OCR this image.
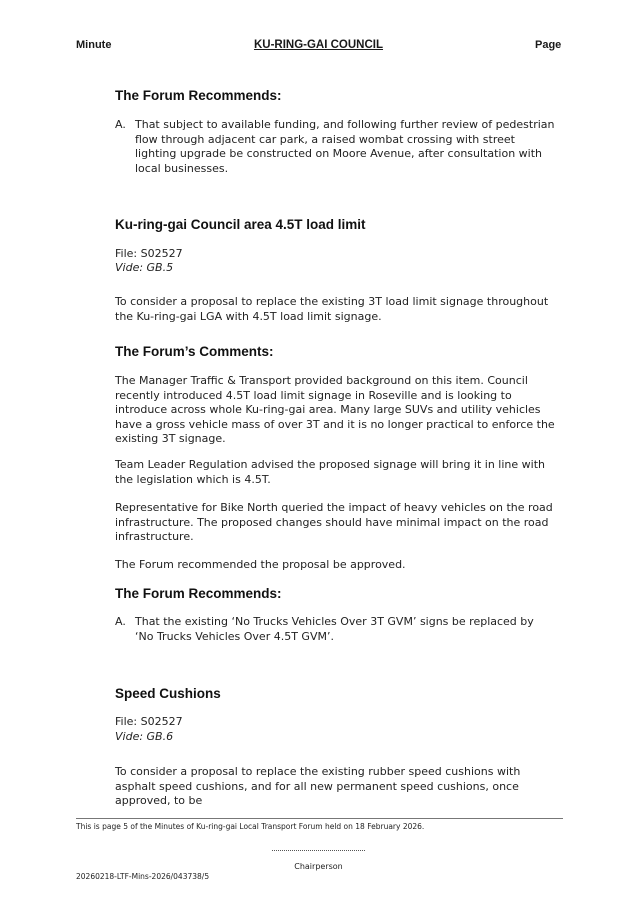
Minute	KU-RING-GAI COUNCIL	Page
The Forum Recommends:
A. That subject to available funding, and following further review of pedestrian flow through adjacent car park, a raised wombat crossing with street lighting upgrade be constructed on Moore Avenue, after consultation with local businesses.
Ku-ring-gai Council area 4.5T load limit
File: S02527
Vide: GB.5
To consider a proposal to replace the existing 3T load limit signage throughout the Ku-ring-gai LGA with 4.5T load limit signage.
The Forum’s Comments:
The Manager Traffic & Transport provided background on this item. Council recently introduced 4.5T load limit signage in Roseville and is looking to introduce across whole Ku-ring-gai area. Many large SUVs and utility vehicles have a gross vehicle mass of over 3T and it is no longer practical to enforce the existing 3T signage.
Team Leader Regulation advised the proposed signage will bring it in line with the legislation which is 4.5T.
Representative for Bike North queried the impact of heavy vehicles on the road infrastructure. The proposed changes should have minimal impact on the road infrastructure.
The Forum recommended the proposal be approved.
The Forum Recommends:
A. That the existing ‘No Trucks Vehicles Over 3T GVM’ signs be replaced by ‘No Trucks Vehicles Over 4.5T GVM’.
Speed Cushions
File: S02527
Vide: GB.6
To consider a proposal to replace the existing rubber speed cushions with asphalt speed cushions, and for all new permanent speed cushions, once approved, to be
This is page 5 of the Minutes of Ku-ring-gai Local Transport Forum held on 18 February 2026.
Chairperson
20260218-LTF-Mins-2026/043738/5
